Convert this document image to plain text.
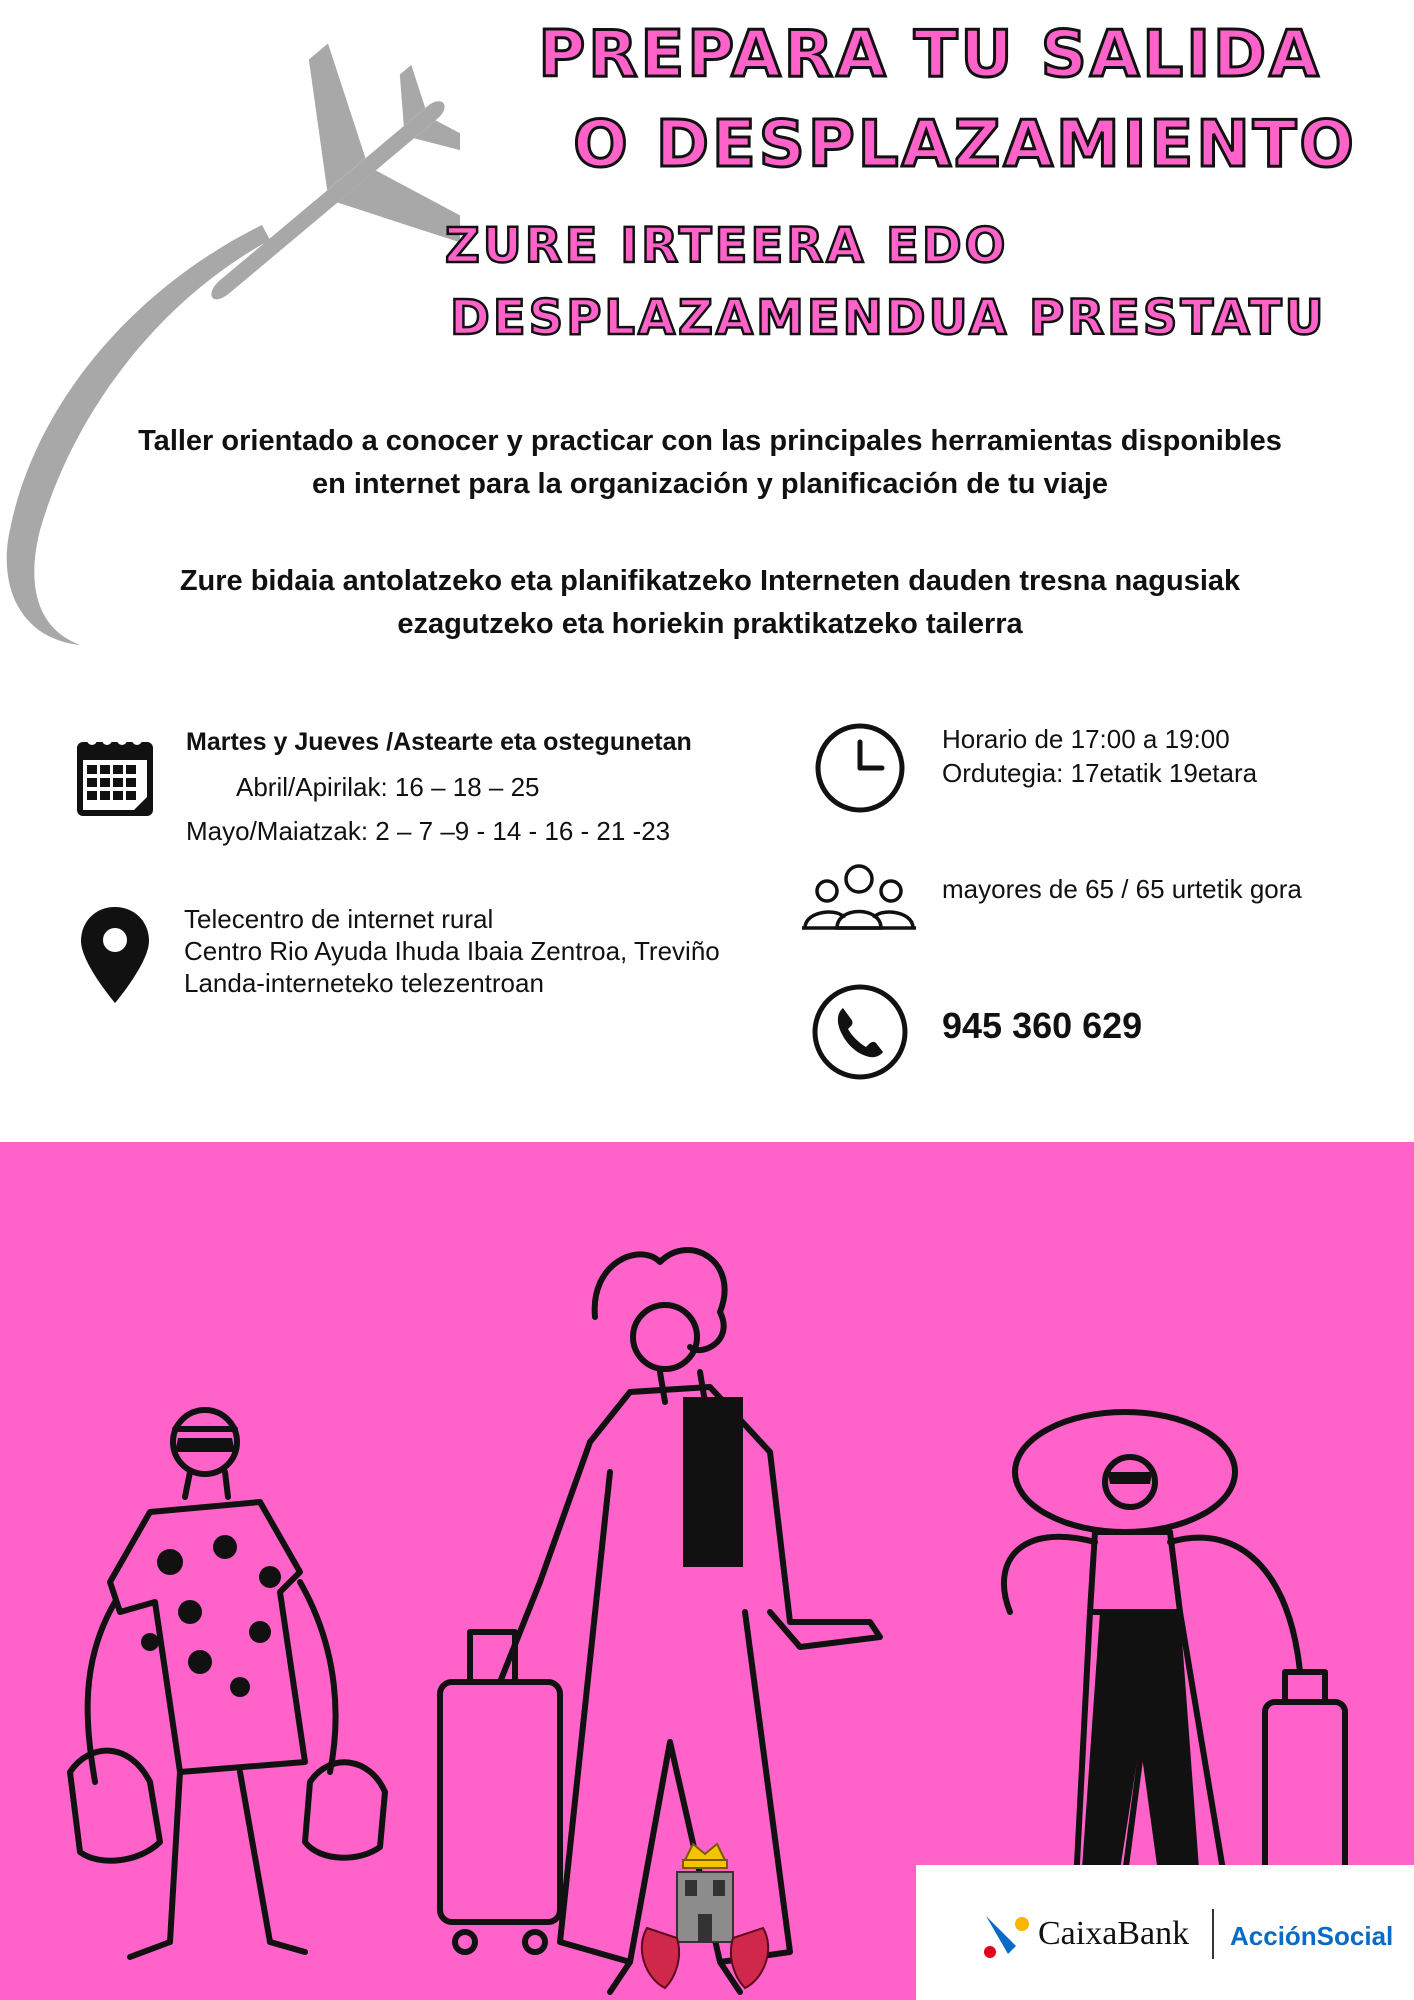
PREPARA TU SALIDA
O DESPLAZAMIENTO
ZURE IRTEERA EDO
DESPLAZAMENDUA PRESTATU
Taller orientado a conocer y practicar con las principales herramientas disponibles
en internet para la organización y planificación de tu viaje
Zure bidaia antolatzeko eta planifikatzeko Interneten dauden tresna nagusiak
ezagutzeko eta horiekin praktikatzeko tailerra
Martes y Jueves /Astearte eta ostegunetan
Abril/Apirilak: 16 – 18 – 25
Mayo/Maiatzak: 2 – 7 –9 - 14 - 16 - 21 -23
Telecentro de internet rural
Centro Rio Ayuda Ihuda Ibaia Zentroa, Treviño
Landa-interneteko telezentroan
Horario de 17:00 a 19:00
Ordutegia: 17etatik 19etara
mayores de 65 / 65 urtetik gora
945 360 629
CaixaBank AcciónSocial
